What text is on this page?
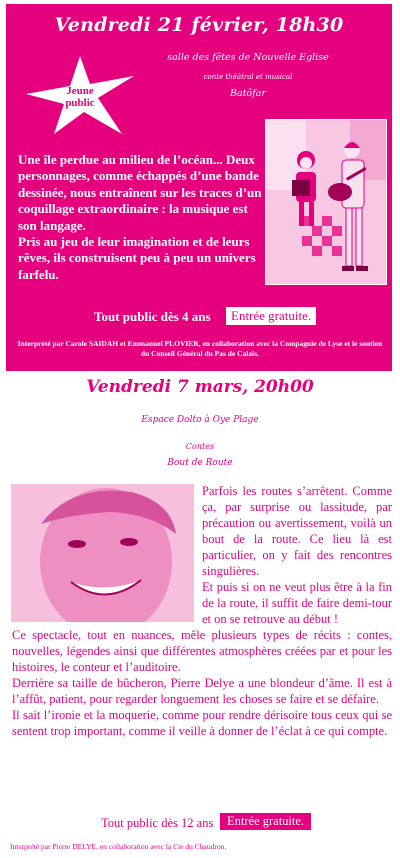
Vendredi 21 février, 18h30
salle des fêtes de Nouvelle Eglise
conte théâtral et musical
Batôfar
Jeune
public

Une île perdue au milieu de l’océan... Deux personnages, comme échappés d’une bande dessinée, nous entraînent sur les traces d’un coquillage extraordinaire : la musique est son langage.

Pris au jeu de leur imagination et de leurs rêves, ils construisent peu à peu un univers farfelu.

Tout public dès 4 ans	Entrée gratuite.
Interprété par Carole SAIDAH et Emmanuel PLOVIER, en collaboration avec la Compagnie de Lyse et le soutien du Conseil Général du Pas de Calais.
Vendredi 7 mars, 20h00
Espace Dolto à Oye Plage
Contes
Bout de Route

Parfois les routes s’arrêtent. Comme ça, par surprise ou lassitude, par précaution ou avertissement, voilà un bout de la route. Ce lieu là est particulier, on y fait des rencontres singulières.

Et puis si on ne veut plus être à la fin de la route, il suffit de faire demi-tour et on se retrouve au début !

Ce spectacle, tout en nuances, mêle plusieurs types de récits : contes, nouvelles, légendes ainsi que différentes atmosphères créées par et pour les histoires, le conteur et l’auditoire.

Derrière sa taille de bûcheron, Pierre Delye a une blondeur d’âme. Il est à l’affût, patient, pour regarder longuement les choses se faire et se défaire.

Il sait l’ironie et la moquerie, comme pour rendre dérisoire tous ceux qui se sentent trop important, comme il veille à donner de l’éclat à ce qui compte.

Tout public dès 12 ans	Entrée gratuite.
Interprété par Pierre DELYE, en collaboration avec la Cie du Chaudron.
